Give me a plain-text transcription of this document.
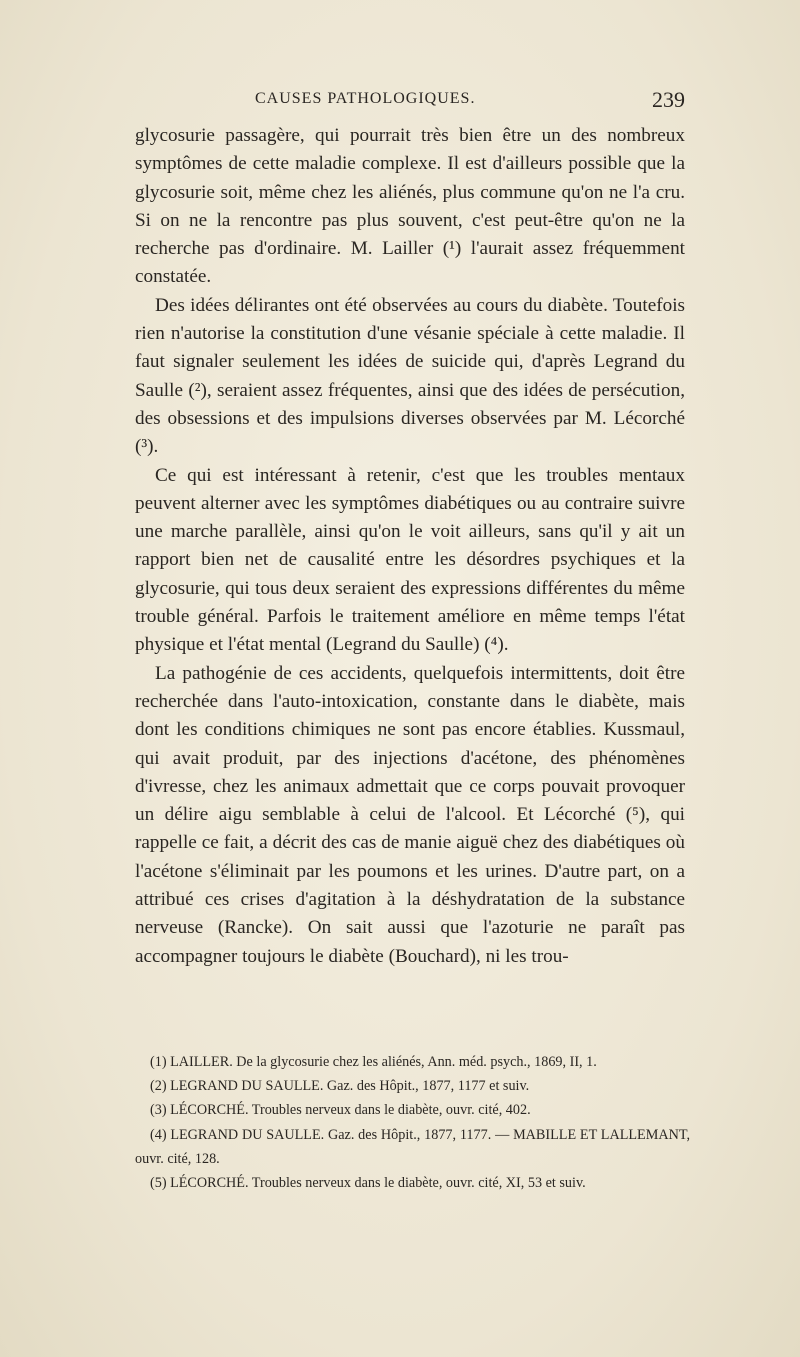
CAUSES PATHOLOGIQUES.	239

glycosurie passagère, qui pourrait très bien être un des nombreux symptômes de cette maladie complexe. Il est d'ailleurs possible que la glycosurie soit, même chez les aliénés, plus commune qu'on ne l'a cru. Si on ne la rencontre pas plus souvent, c'est peut-être qu'on ne la recherche pas d'ordinaire. M. Lailler (¹) l'aurait assez fréquemment constatée.

Des idées délirantes ont été observées au cours du diabète. Toutefois rien n'autorise la constitution d'une vésanie spéciale à cette maladie. Il faut signaler seulement les idées de suicide qui, d'après Legrand du Saulle (²), seraient assez fréquentes, ainsi que des idées de persécution, des obsessions et des impulsions diverses observées par M. Lécorché (³).

Ce qui est intéressant à retenir, c'est que les troubles mentaux peuvent alterner avec les symptômes diabétiques ou au contraire suivre une marche parallèle, ainsi qu'on le voit ailleurs, sans qu'il y ait un rapport bien net de causalité entre les désordres psychiques et la glycosurie, qui tous deux seraient des expressions différentes du même trouble général. Parfois le traitement améliore en même temps l'état physique et l'état mental (Legrand du Saulle) (⁴).

La pathogénie de ces accidents, quelquefois intermittents, doit être recherchée dans l'auto-intoxication, constante dans le diabète, mais dont les conditions chimiques ne sont pas encore établies. Kussmaul, qui avait produit, par des injections d'acétone, des phénomènes d'ivresse, chez les animaux admettait que ce corps pouvait provoquer un délire aigu semblable à celui de l'alcool. Et Lécorché (⁵), qui rappelle ce fait, a décrit des cas de manie aiguë chez des diabétiques où l'acétone s'éliminait par les poumons et les urines. D'autre part, on a attribué ces crises d'agitation à la déshydratation de la substance nerveuse (Rancke). On sait aussi que l'azoturie ne paraît pas accompagner toujours le diabète (Bouchard), ni les trou-

(1) LAILLER. De la glycosurie chez les aliénés, Ann. méd. psych., 1869, II, 1.

(2) LEGRAND DU SAULLE. Gaz. des Hôpit., 1877, 1177 et suiv.

(3) LÉCORCHÉ. Troubles nerveux dans le diabète, ouvr. cité, 402.

(4) LEGRAND DU SAULLE. Gaz. des Hôpit., 1877, 1177. — MABILLE ET LALLEMANT, ouvr. cité, 128.

(5) LÉCORCHÉ. Troubles nerveux dans le diabète, ouvr. cité, XI, 53 et suiv.
